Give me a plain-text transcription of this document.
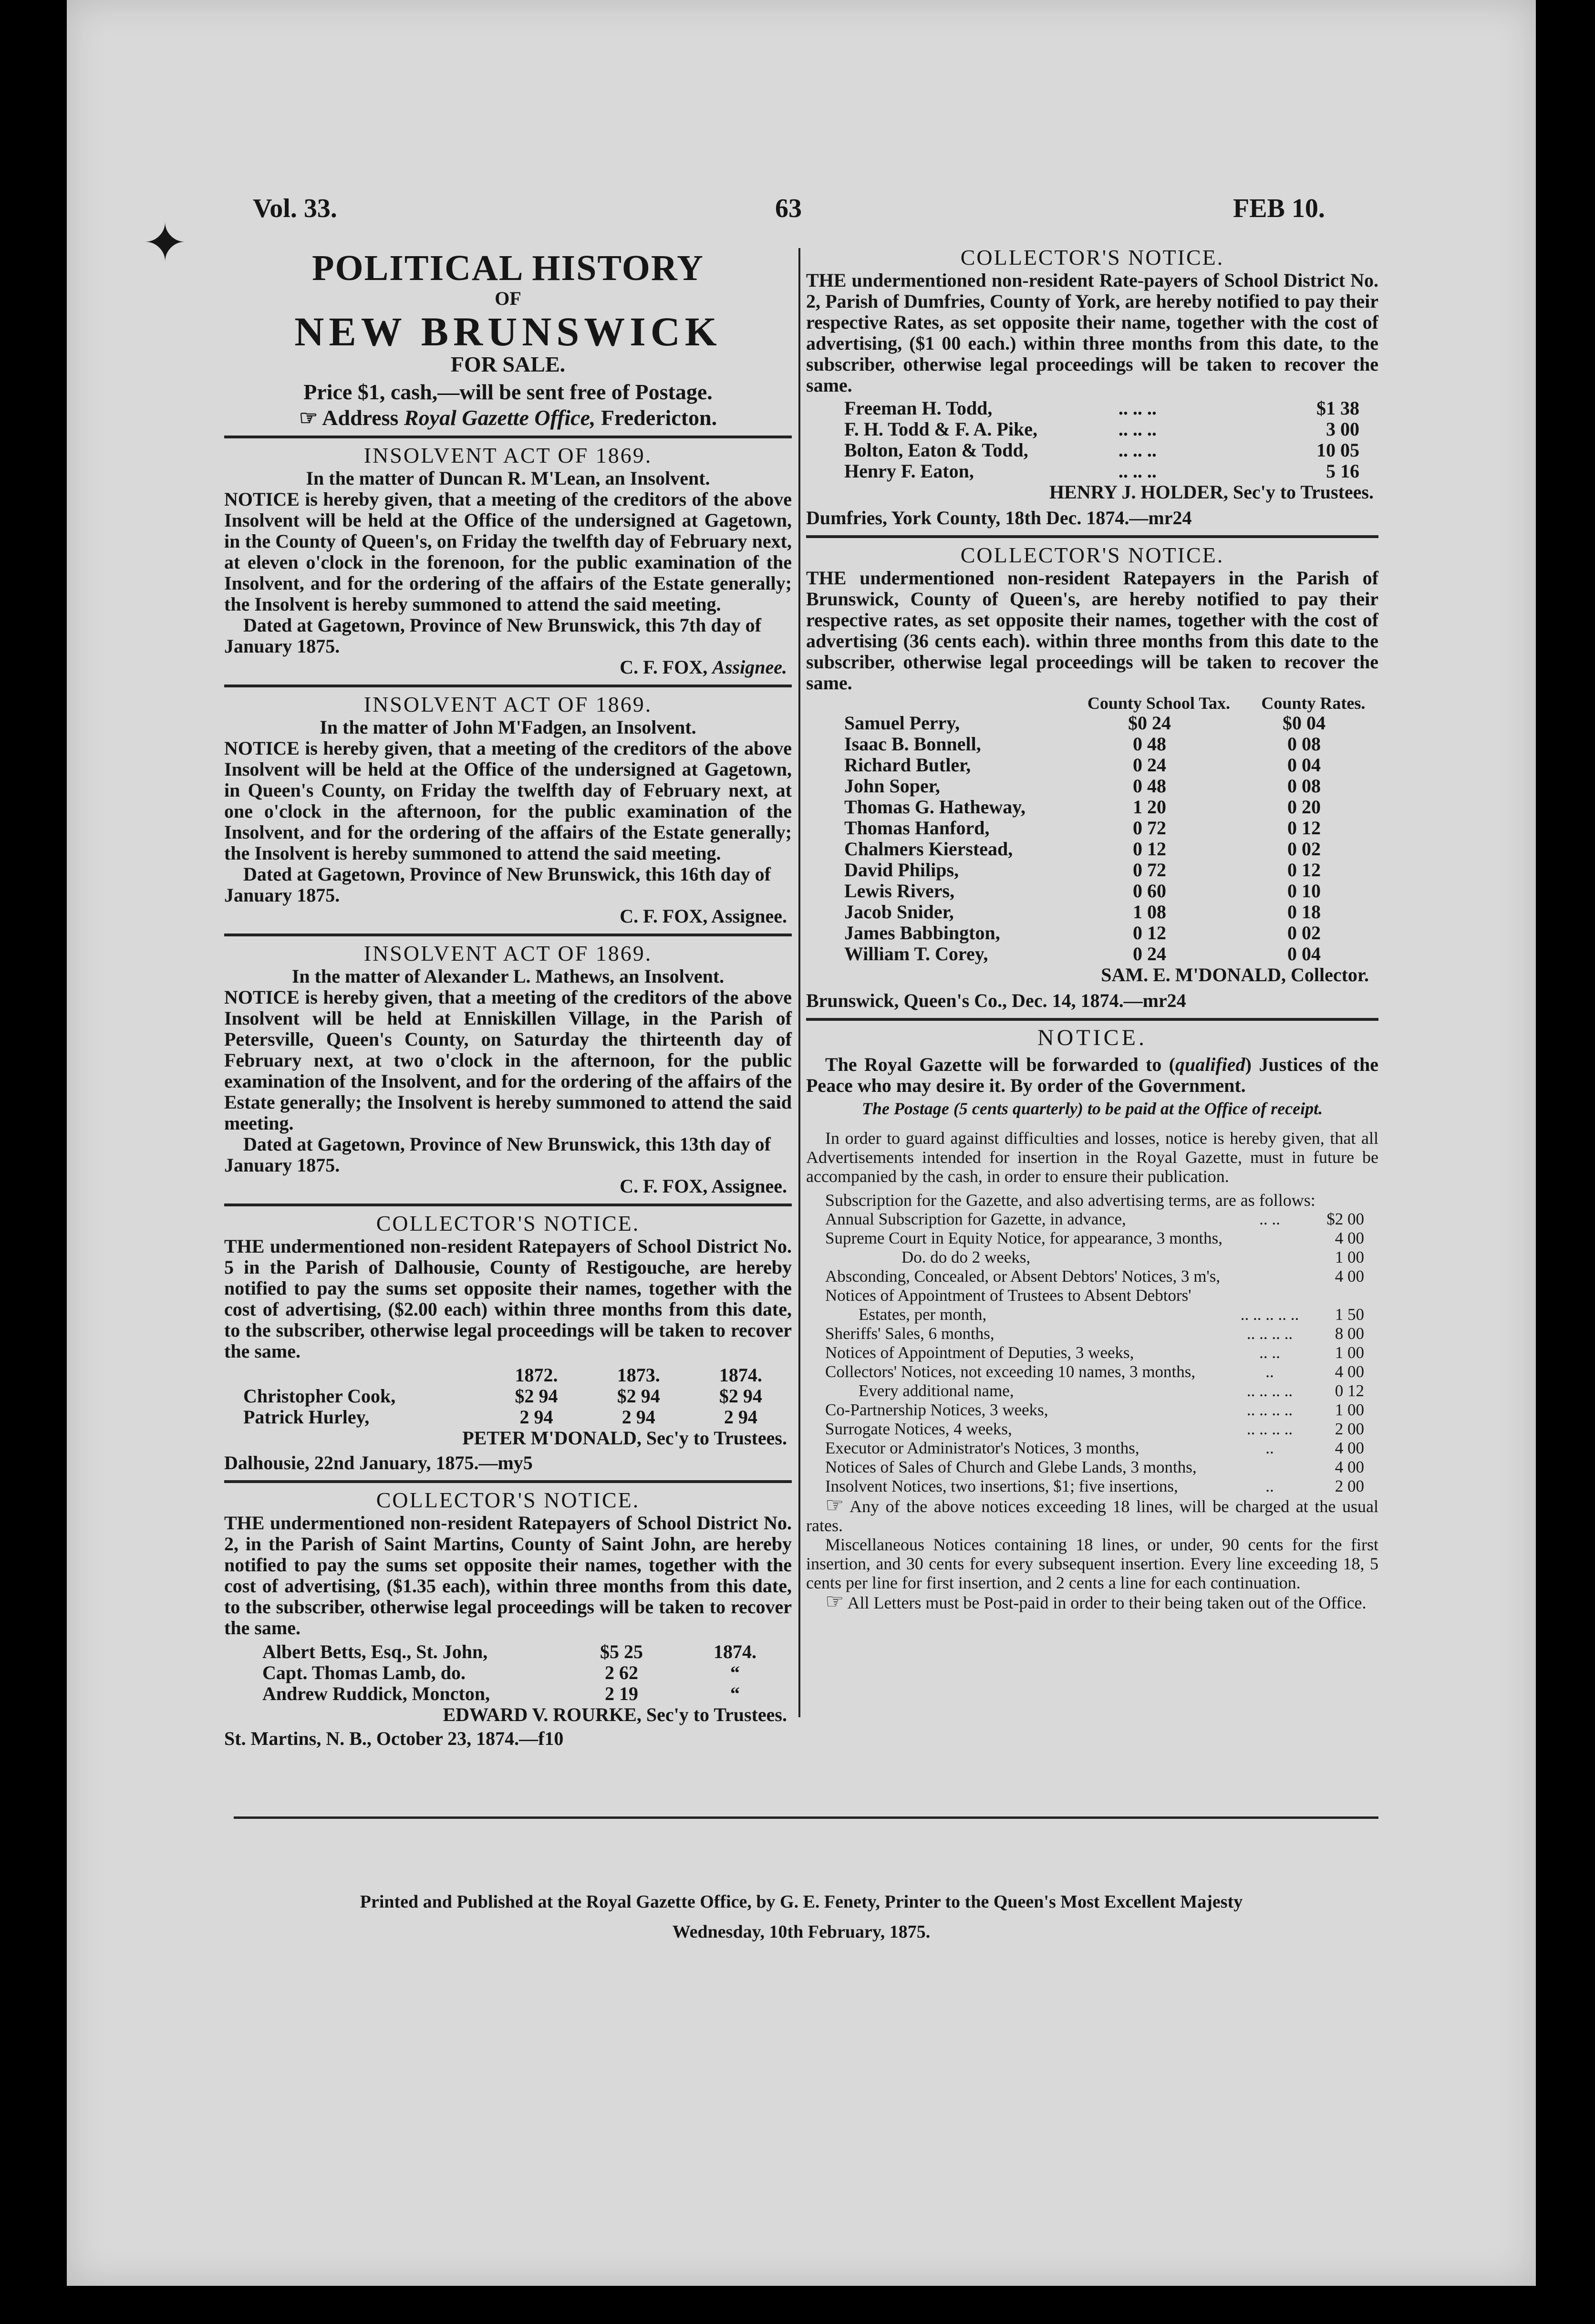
Vol. 33.	63	FEB 10.
✦	POLITICAL HISTORY
OF
NEW BRUNSWICK
FOR SALE.
Price $1, cash,—will be sent free of Postage.
☞ Address Royal Gazette Office, Fredericton.
INSOLVENT ACT OF 1869.
In the matter of Duncan R. M'Lean, an Insolvent.
NOTICE is hereby given, that a meeting of the creditors of the above Insolvent will be held at the Office of the undersigned at Gagetown, in the County of Queen's, on Friday the twelfth day of February next, at eleven o'clock in the forenoon, for the public examination of the Insolvent, and for the ordering of the affairs of the Estate generally; the Insolvent is hereby summoned to attend the said meeting.
Dated at Gagetown, Province of New Brunswick, this 7th day of January 1875.
C. F. FOX, Assignee.
INSOLVENT ACT OF 1869.
In the matter of John M'Fadgen, an Insolvent.
NOTICE is hereby given, that a meeting of the creditors of the above Insolvent will be held at the Office of the undersigned at Gagetown, in Queen's County, on Friday the twelfth day of February next, at one o'clock in the afternoon, for the public examination of the Insolvent, and for the ordering of the affairs of the Estate generally; the Insolvent is hereby summoned to attend the said meeting.
Dated at Gagetown, Province of New Brunswick, this 16th day of January 1875.
C. F. FOX, Assignee.
INSOLVENT ACT OF 1869.
In the matter of Alexander L. Mathews, an Insolvent.
NOTICE is hereby given, that a meeting of the creditors of the above Insolvent will be held at Enniskillen Village, in the Parish of Petersville, Queen's County, on Saturday the thirteenth day of February next, at two o'clock in the afternoon, for the public examination of the Insolvent, and for the ordering of the affairs of the Estate generally; the Insolvent is hereby summoned to attend the said meeting.
Dated at Gagetown, Province of New Brunswick, this 13th day of January 1875.
C. F. FOX, Assignee.
COLLECTOR'S NOTICE.
THE undermentioned non-resident Ratepayers of School District No. 5 in the Parish of Dalhousie, County of Restigouche, are hereby notified to pay the sums set opposite their names, together with the cost of advertising, ($2.00 each) within three months from this date, to the subscriber, otherwise legal proceedings will be taken to recover the same.
	1872.	1873.	1874.
Christopher Cook,	$2 94	$2 94	$2 94
Patrick Hurley,	2 94	2 94	2 94
PETER M'DONALD, Sec'y to Trustees.
Dalhousie, 22nd January, 1875.—my5
COLLECTOR'S NOTICE.
THE undermentioned non-resident Ratepayers of School District No. 2, in the Parish of Saint Martins, County of Saint John, are hereby notified to pay the sums set opposite their names, together with the cost of advertising, ($1.35 each), within three months from this date, to the subscriber, otherwise legal proceedings will be taken to recover the same.
Albert Betts, Esq., St. John,	$5 25	1874.
Capt. Thomas Lamb, do.	2 62	“
Andrew Ruddick, Moncton,	2 19	“
EDWARD V. ROURKE, Sec'y to Trustees.
St. Martins, N. B., October 23, 1874.—f10
COLLECTOR'S NOTICE.
THE undermentioned non-resident Rate-payers of School District No. 2, Parish of Dumfries, County of York, are hereby notified to pay their respective Rates, as set opposite their name, together with the cost of advertising, ($1 00 each.) within three months from this date, to the subscriber, otherwise legal proceedings will be taken to recover the same.
Freeman H. Todd,	.. .. ..	$1 38
F. H. Todd & F. A. Pike,	.. .. ..	3 00
Bolton, Eaton & Todd,	.. .. ..	10 05
Henry F. Eaton,	.. .. ..	5 16
HENRY J. HOLDER, Sec'y to Trustees.
Dumfries, York County, 18th Dec. 1874.—mr24
COLLECTOR'S NOTICE.
THE undermentioned non-resident Ratepayers in the Parish of Brunswick, County of Queen's, are hereby notified to pay their respective rates, as set opposite their names, together with the cost of advertising (36 cents each). within three months from this date to the subscriber, otherwise legal proceedings will be taken to recover the same.
	County School Tax.	County Rates.
Samuel Perry,	$0 24	$0 04
Isaac B. Bonnell,	0 48	0 08
Richard Butler,	0 24	0 04
John Soper,	0 48	0 08
Thomas G. Hatheway,	1 20	0 20
Thomas Hanford,	0 72	0 12
Chalmers Kierstead,	0 12	0 02
David Philips,	0 72	0 12
Lewis Rivers,	0 60	0 10
Jacob Snider,	1 08	0 18
James Babbington,	0 12	0 02
William T. Corey,	0 24	0 04
SAM. E. M'DONALD, Collector.
Brunswick, Queen's Co., Dec. 14, 1874.—mr24
NOTICE.
The Royal Gazette will be forwarded to (qualified) Justices of the Peace who may desire it. By order of the Government.
The Postage (5 cents quarterly) to be paid at the Office of receipt.
In order to guard against difficulties and losses, notice is hereby given, that all Advertisements intended for insertion in the Royal Gazette, must in future be accompanied by the cash, in order to ensure their publication.
Subscription for the Gazette, and also advertising terms, are as follows:
Annual Subscription for Gazette, in advance,	.. ..	$2 00
Supreme Court in Equity Notice, for appearance, 3 months,		4 00
Do. do do 2 weeks,		1 00
Absconding, Concealed, or Absent Debtors' Notices, 3 m's,		4 00
Notices of Appointment of Trustees to Absent Debtors'		
Estates, per month,	.. .. .. .. ..	1 50
Sheriffs' Sales, 6 months,	.. .. .. ..	8 00
Notices of Appointment of Deputies, 3 weeks,	.. ..	1 00
Collectors' Notices, not exceeding 10 names, 3 months,	..	4 00
Every additional name,	.. .. .. ..	0 12
Co-Partnership Notices, 3 weeks,	.. .. .. ..	1 00
Surrogate Notices, 4 weeks,	.. .. .. ..	2 00
Executor or Administrator's Notices, 3 months,	..	4 00
Notices of Sales of Church and Glebe Lands, 3 months,		4 00
Insolvent Notices, two insertions, $1; five insertions,	..	2 00
☞ Any of the above notices exceeding 18 lines, will be charged at the usual rates.
Miscellaneous Notices containing 18 lines, or under, 90 cents for the first insertion, and 30 cents for every subsequent insertion. Every line exceeding 18, 5 cents per line for first insertion, and 2 cents a line for each continuation.
☞ All Letters must be Post-paid in order to their being taken out of the Office.
Printed and Published at the Royal Gazette Office, by G. E. Fenety, Printer to the Queen's Most Excellent Majesty
Wednesday, 10th February, 1875.
